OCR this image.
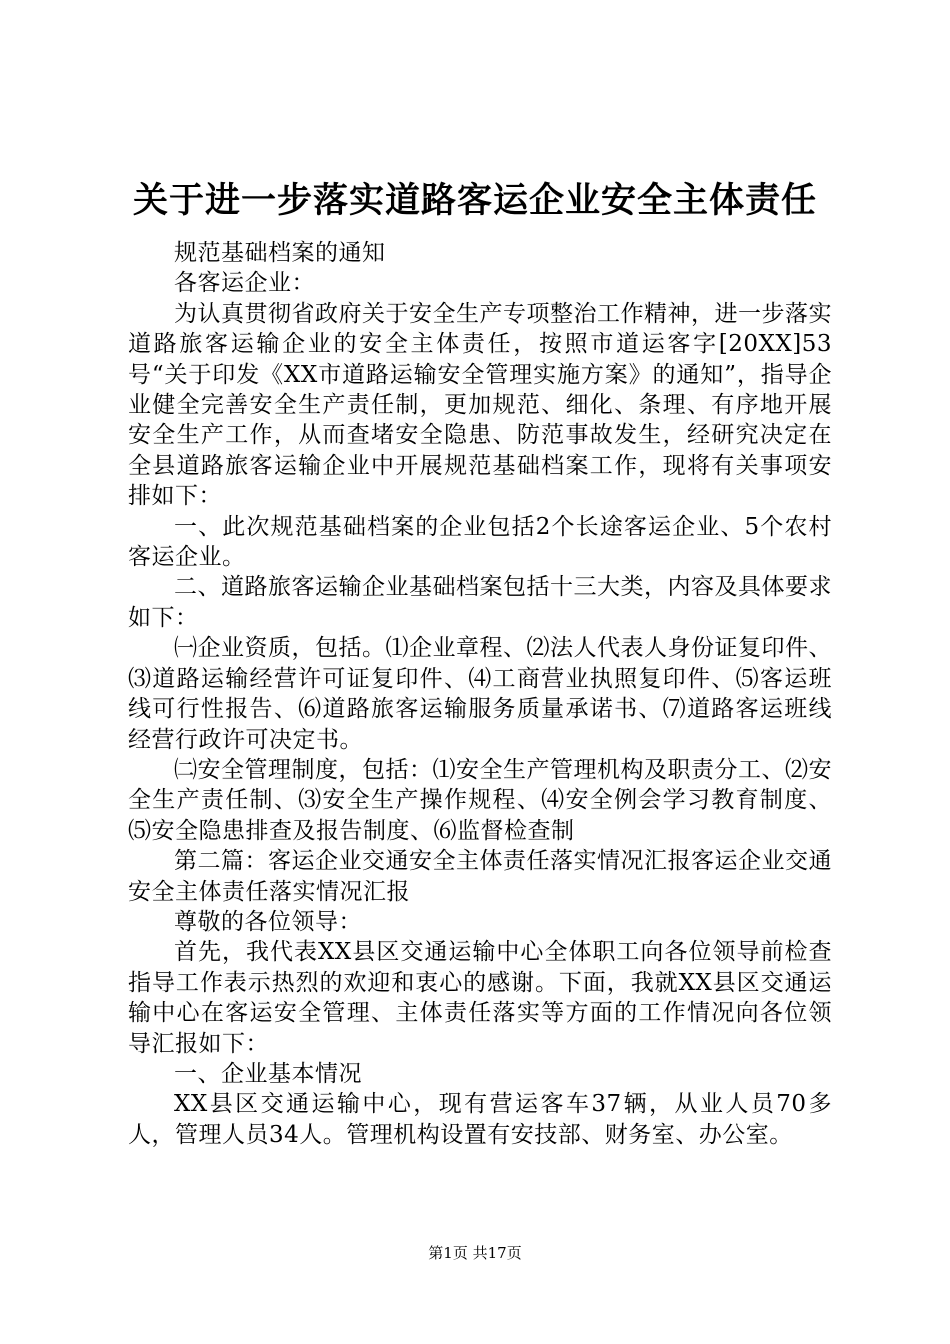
关于进一步落实道路客运企业安全主体责任

规范基础档案的通知

各客运企业：

为认真贯彻省政府关于安全生产专项整治工作精神，进一步落实道路旅客运输企业的安全主体责任，按照市道运客字[20XX]53号“关于印发《XX市道路运输安全管理实施方案》的通知”，指导企业健全完善安全生产责任制，更加规范、细化、条理、有序地开展安全生产工作，从而查堵安全隐患、防范事故发生，经研究决定在全县道路旅客运输企业中开展规范基础档案工作，现将有关事项安排如下：

一、此次规范基础档案的企业包括2个长途客运企业、5个农村客运企业。

二、道路旅客运输企业基础档案包括十三大类，内容及具体要求如下：

㈠企业资质，包括。⑴企业章程、⑵法人代表人身份证复印件、⑶道路运输经营许可证复印件、⑷工商营业执照复印件、⑸客运班线可行性报告、⑹道路旅客运输服务质量承诺书、⑺道路客运班线经营行政许可决定书。

㈡安全管理制度，包括：⑴安全生产管理机构及职责分工、⑵安全生产责任制、⑶安全生产操作规程、⑷安全例会学习教育制度、⑸安全隐患排查及报告制度、⑹监督检查制

第二篇：客运企业交通安全主体责任落实情况汇报客运企业交通安全主体责任落实情况汇报

尊敬的各位领导：

首先，我代表XX县区交通运输中心全体职工向各位领导前检查指导工作表示热烈的欢迎和衷心的感谢。下面，我就XX县区交通运输中心在客运安全管理、主体责任落实等方面的工作情况向各位领导汇报如下：

一、企业基本情况

XX县区交通运输中心，现有营运客车37辆，从业人员70多人，管理人员34人。管理机构设置有安技部、财务室、办公室。

第1页 共17页
